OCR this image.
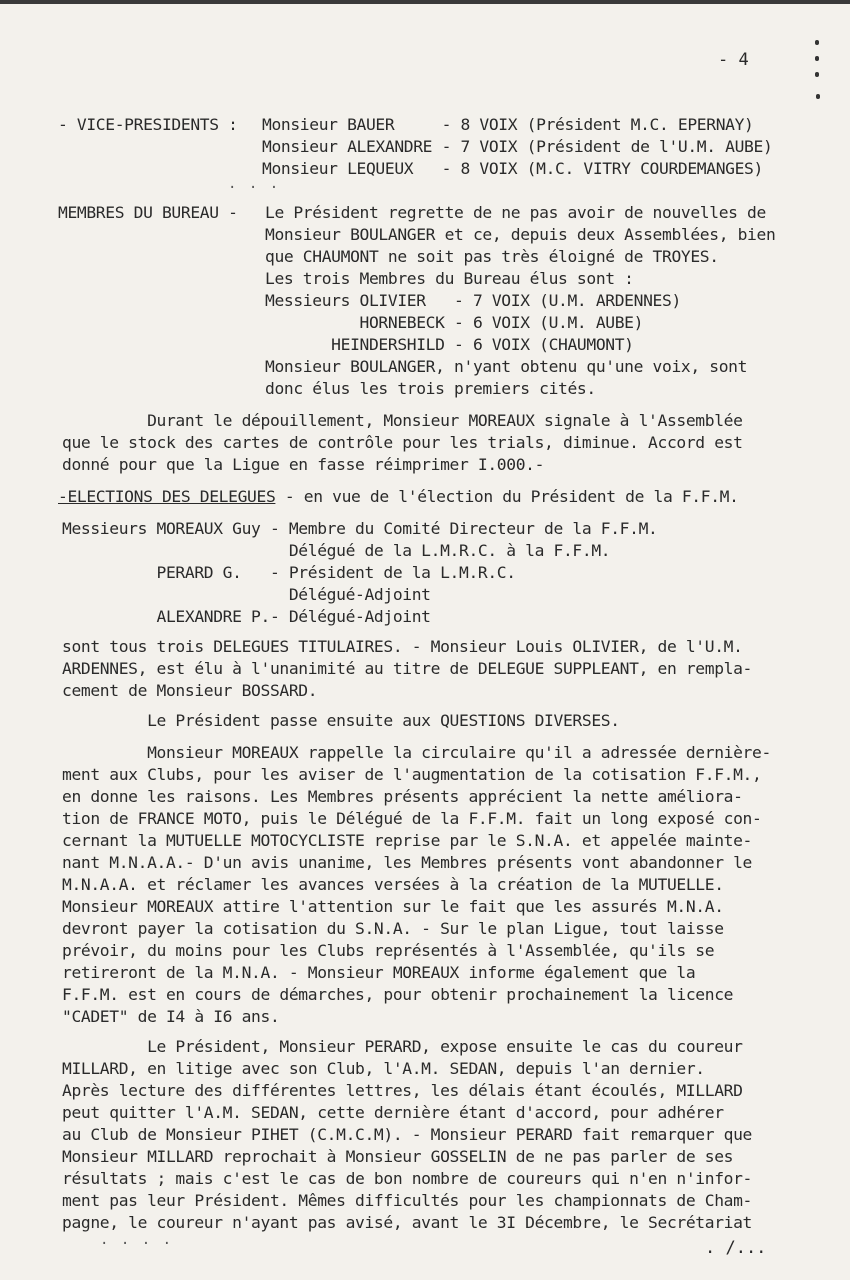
- 4
- VICE-PRESIDENTS : Monsieur BAUER     - 8 VOIX (Président M.C. EPERNAY)
Monsieur ALEXANDRE - 7 VOIX (Président de l'U.M. AUBE)
Monsieur LEQUEUX   - 8 VOIX (M.C. VITRY COURDEMANGES)
· · ·
MEMBRES DU BUREAU - Le Président regrette de ne pas avoir de nouvelles de
Monsieur BOULANGER et ce, depuis deux Assemblées, bien
que CHAUMONT ne soit pas très éloigné de TROYES.
Les trois Membres du Bureau élus sont :
Messieurs OLIVIER   - 7 VOIX (U.M. ARDENNES)
HORNEBECK - 6 VOIX (U.M. AUBE)
HEINDERSHILD - 6 VOIX (CHAUMONT)
Monsieur BOULANGER, n'yant obtenu qu'une voix, sont
donc élus les trois premiers cités.
Durant le dépouillement, Monsieur MOREAUX signale à l'Assemblée
que le stock des cartes de contrôle pour les trials, diminue. Accord est
donné pour que la Ligue en fasse réimprimer I.000.-
-ELECTIONS DES DELEGUES - en vue de l'élection du Président de la F.F.M.
Messieurs MOREAUX Guy - Membre du Comité Directeur de la F.F.M.
Délégué de la L.M.R.C. à la F.F.M.
PERARD G.   - Président de la L.M.R.C.
Délégué-Adjoint
ALEXANDRE P.- Délégué-Adjoint
sont tous trois DELEGUES TITULAIRES. - Monsieur Louis OLIVIER, de l'U.M.
ARDENNES, est élu à l'unanimité au titre de DELEGUE SUPPLEANT, en rempla-
cement de Monsieur BOSSARD.
Le Président passe ensuite aux QUESTIONS DIVERSES.
Monsieur MOREAUX rappelle la circulaire qu'il a adressée dernière-
ment aux Clubs, pour les aviser de l'augmentation de la cotisation F.F.M.,
en donne les raisons. Les Membres présents apprécient la nette améliora-
tion de FRANCE MOTO, puis le Délégué de la F.F.M. fait un long exposé con-
cernant la MUTUELLE MOTOCYCLISTE reprise par le S.N.A. et appelée mainte-
nant M.N.A.A.- D'un avis unanime, les Membres présents vont abandonner le
M.N.A.A. et réclamer les avances versées à la création de la MUTUELLE.
Monsieur MOREAUX attire l'attention sur le fait que les assurés M.N.A.
devront payer la cotisation du S.N.A. - Sur le plan Ligue, tout laisse
prévoir, du moins pour les Clubs représentés à l'Assemblée, qu'ils se
retireront de la M.N.A. - Monsieur MOREAUX informe également que la
F.F.M. est en cours de démarches, pour obtenir prochainement la licence
"CADET" de I4 à I6 ans.
Le Président, Monsieur PERARD, expose ensuite le cas du coureur
MILLARD, en litige avec son Club, l'A.M. SEDAN, depuis l'an dernier.
Après lecture des différentes lettres, les délais étant écoulés, MILLARD
peut quitter l'A.M. SEDAN, cette dernière étant d'accord, pour adhérer
au Club de Monsieur PIHET (C.M.C.M). - Monsieur PERARD fait remarquer que
Monsieur MILLARD reprochait à Monsieur GOSSELIN de ne pas parler de ses
résultats ; mais c'est le cas de bon nombre de coureurs qui n'en n'infor-
ment pas leur Président. Mêmes difficultés pour les championnats de Cham-
pagne, le coureur n'ayant pas avisé, avant le 3I Décembre, le Secrétariat
. . . .	. /...
